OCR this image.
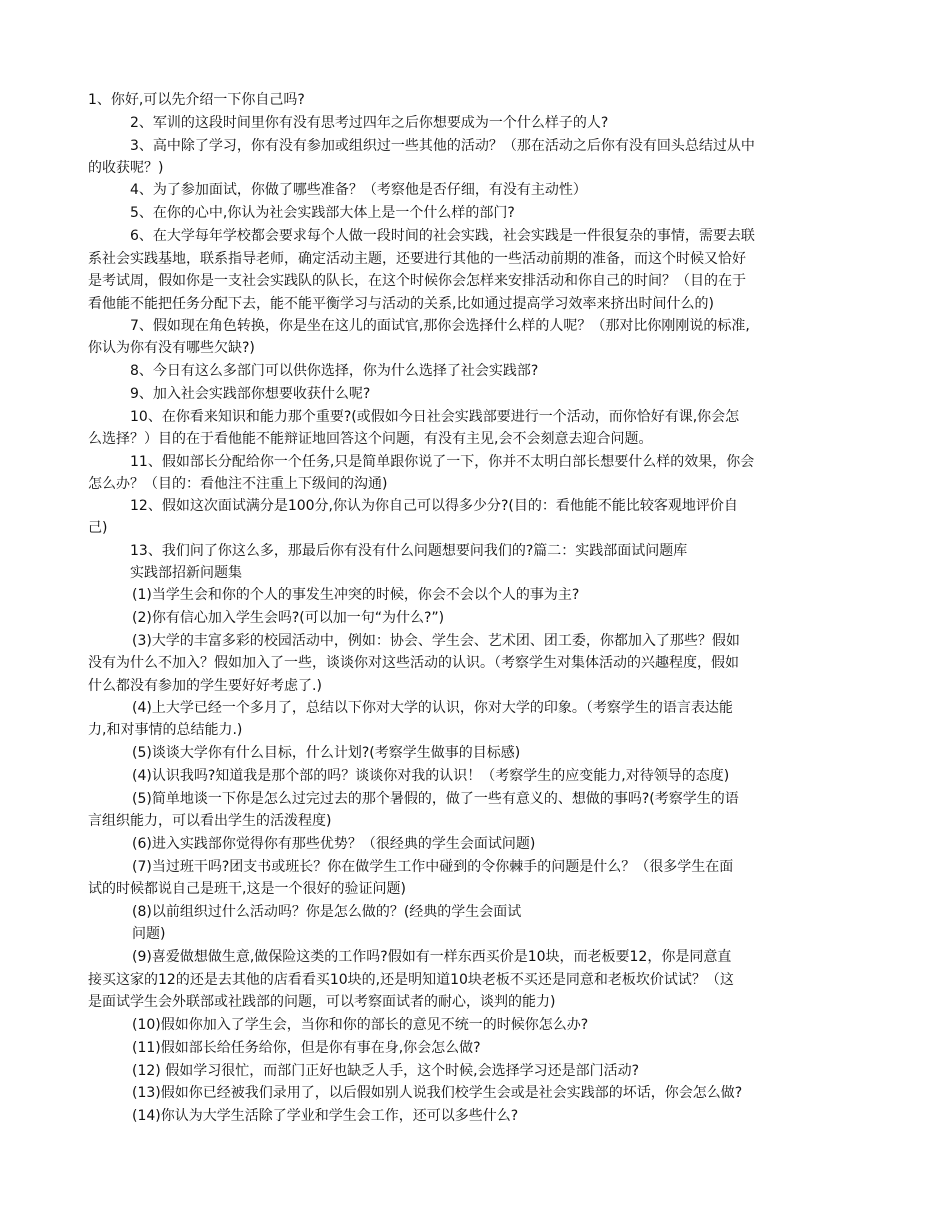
1、你好,可以先介绍一下你自己吗?
2、军训的这段时间里你有没有思考过四年之后你想要成为一个什么样子的人?
3、高中除了学习，你有没有参加或组织过一些其他的活动？（那在活动之后你有没有回头总结过从中
的收获呢？)
4、为了参加面试，你做了哪些准备？（考察他是否仔细，有没有主动性）
5、在你的心中,你认为社会实践部大体上是一个什么样的部门?
6、在大学每年学校都会要求每个人做一段时间的社会实践，社会实践是一件很复杂的事情，需要去联
系社会实践基地，联系指导老师，确定活动主题，还要进行其他的一些活动前期的准备，而这个时候又恰好
是考试周，假如你是一支社会实践队的队长，在这个时候你会怎样来安排活动和你自己的时间？（目的在于
看他能不能把任务分配下去，能不能平衡学习与活动的关系,比如通过提高学习效率来挤出时间什么的)
7、假如现在角色转换，你是坐在这儿的面试官,那你会选择什么样的人呢？（那对比你刚刚说的标准,
你认为你有没有哪些欠缺?)
8、今日有这么多部门可以供你选择，你为什么选择了社会实践部?
9、加入社会实践部你想要收获什么呢?
10、在你看来知识和能力那个重要?(或假如今日社会实践部要进行一个活动，而你恰好有课,你会怎
么选择？）目的在于看他能不能辩证地回答这个问题，有没有主见,会不会刻意去迎合问题。
11、假如部长分配给你一个任务,只是简单跟你说了一下，你并不太明白部长想要什么样的效果，你会
怎么办？（目的：看他注不注重上下级间的沟通)
12、假如这次面试满分是100分,你认为你自己可以得多少分?(目的：看他能不能比较客观地评价自
己)
13、我们问了你这么多，那最后你有没有什么问题想要问我们的?篇二：实践部面试问题库
实践部招新问题集
(1)当学生会和你的个人的事发生冲突的时候，你会不会以个人的事为主?
(2)你有信心加入学生会吗?(可以加一句“为什么?”)
(3)大学的丰富多彩的校园活动中，例如：协会、学生会、艺术团、团工委，你都加入了那些？假如
没有为什么不加入？假如加入了一些，谈谈你对这些活动的认识。（考察学生对集体活动的兴趣程度，假如
什么都没有参加的学生要好好考虑了.)
(4)上大学已经一个多月了，总结以下你对大学的认识，你对大学的印象。（考察学生的语言表达能
力,和对事情的总结能力.)
(5)谈谈大学你有什么目标，什么计划?(考察学生做事的目标感)
(4)认识我吗?知道我是那个部的吗？谈谈你对我的认识！（考察学生的应变能力,对待领导的态度)
(5)简单地谈一下你是怎么过完过去的那个暑假的，做了一些有意义的、想做的事吗?(考察学生的语
言组织能力，可以看出学生的活泼程度)
(6)进入实践部你觉得你有那些优势？（很经典的学生会面试问题)
(7)当过班干吗?团支书或班长？你在做学生工作中碰到的令你棘手的问题是什么？（很多学生在面
试的时候都说自己是班干,这是一个很好的验证问题)
(8)以前组织过什么活动吗？你是怎么做的？(经典的学生会面试
问题)
(9)喜爱做想做生意,做保险这类的工作吗?假如有一样东西买价是10块，而老板要12，你是同意直
接买这家的12的还是去其他的店看看买10块的,还是明知道10块老板不买还是同意和老板坎价试试？（这
是面试学生会外联部或社践部的问题，可以考察面试者的耐心，谈判的能力)
(10)假如你加入了学生会，当你和你的部长的意见不统一的时候你怎么办?
(11)假如部长给任务给你，但是你有事在身,你会怎么做?
(12) 假如学习很忙，而部门正好也缺乏人手，这个时候,会选择学习还是部门活动?
(13)假如你已经被我们录用了，以后假如别人说我们校学生会或是社会实践部的坏话，你会怎么做?
(14)你认为大学生活除了学业和学生会工作，还可以多些什么?
